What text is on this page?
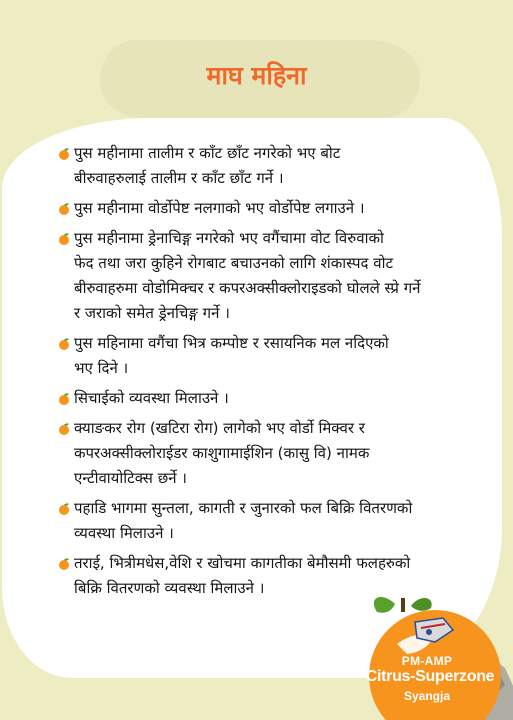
माघ महिना
पुस महीनामा तालीम र काँट छाँट नगरेको भए बोट
बीरुवाहरुलाई तालीम र काँट छाँट गर्ने ।
पुस महीनामा वोर्डोपेष्ट नलगाको भए वोर्डोपेष्ट लगाउने ।
पुस महीनामा ड्रेनाचिङ्ग नगरेको भए वगैंचामा वोट विरुवाको
फेद तथा जरा कुहिने रोगबाट बचाउनको लागि शंकास्पद वोट
बीरुवाहरुमा वोडोमिक्चर र कपरअक्सीक्लोराइडको घोलले स्प्रे गर्ने
र जराको समेत ड्रेनचिङ्ग गर्ने ।
पुस महिनामा वगैंचा भित्र कम्पोष्ट र रसायनिक मल नदिएको
भए दिने ।
सिचाईको व्यवस्था मिलाउने ।
क्याङकर रोग (खटिरा रोग) लागेको भए वोर्डो मिक्वर र
कपरअक्सीक्लोराईडर काशुगामाईशिन (कासु वि) नामक
एन्टीवायोटिक्स छर्ने ।
पहाडि भागमा सुन्तला, कागती र जुनारको फल बिक्रि वितरणको
व्यवस्था मिलाउने ।
तराई, भित्रीमधेस,वेशि र खोचमा कागतीका बेमौसमी फलहरुको
बिक्रि वितरणको व्यवस्था मिलाउने ।
PM-AMP
Citrus-Superzone
Syangja
